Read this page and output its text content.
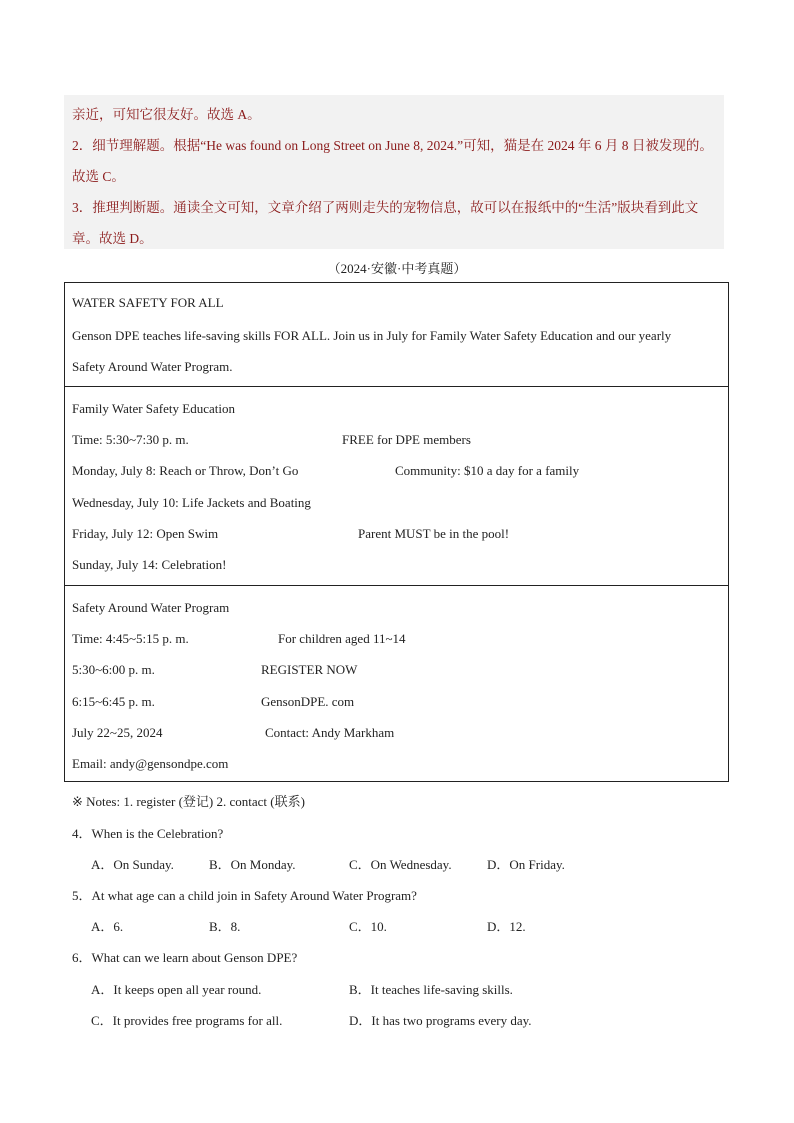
亲近，可知它很友好。故选 A。
2．细节理解题。根据“He was found on Long Street on June 8, 2024.”可知，猫是在 2024 年 6 月 8 日被发现的。
故选 C。
3．推理判断题。通读全文可知，文章介绍了两则走失的宠物信息，故可以在报纸中的“生活”版块看到此文
章。故选 D。
（2024·安徽·中考真题）
WATER SAFETY FOR ALL
Genson DPE teaches life-saving skills FOR ALL. Join us in July for Family Water Safety Education and our yearly
Safety Around Water Program.
Family Water Safety Education
Time: 5:30~7:30 p. m.	FREE for DPE members
Monday, July 8: Reach or Throw, Don’t Go	Community: $10 a day for a family
Wednesday, July 10: Life Jackets and Boating
Friday, July 12: Open Swim	Parent MUST be in the pool!
Sunday, July 14: Celebration!
Safety Around Water Program
Time: 4:45~5:15 p. m.	For children aged 11~14
5:30~6:00 p. m.	REGISTER NOW
6:15~6:45 p. m.	GensonDPE. com
July 22~25, 2024	Contact: Andy Markham
Email: andy@gensondpe.com
※ Notes: 1. register (登记) 2. contact (联系)
4．When is the Celebration?
A．On Sunday.	B．On Monday.	C．On Wednesday.	D．On Friday.
5．At what age can a child join in Safety Around Water Program?
A．6.	B．8.	C．10.	D．12.
6．What can we learn about Genson DPE?
A．It keeps open all year round.	B．It teaches life-saving skills.
C．It provides free programs for all.	D．It has two programs every day.
